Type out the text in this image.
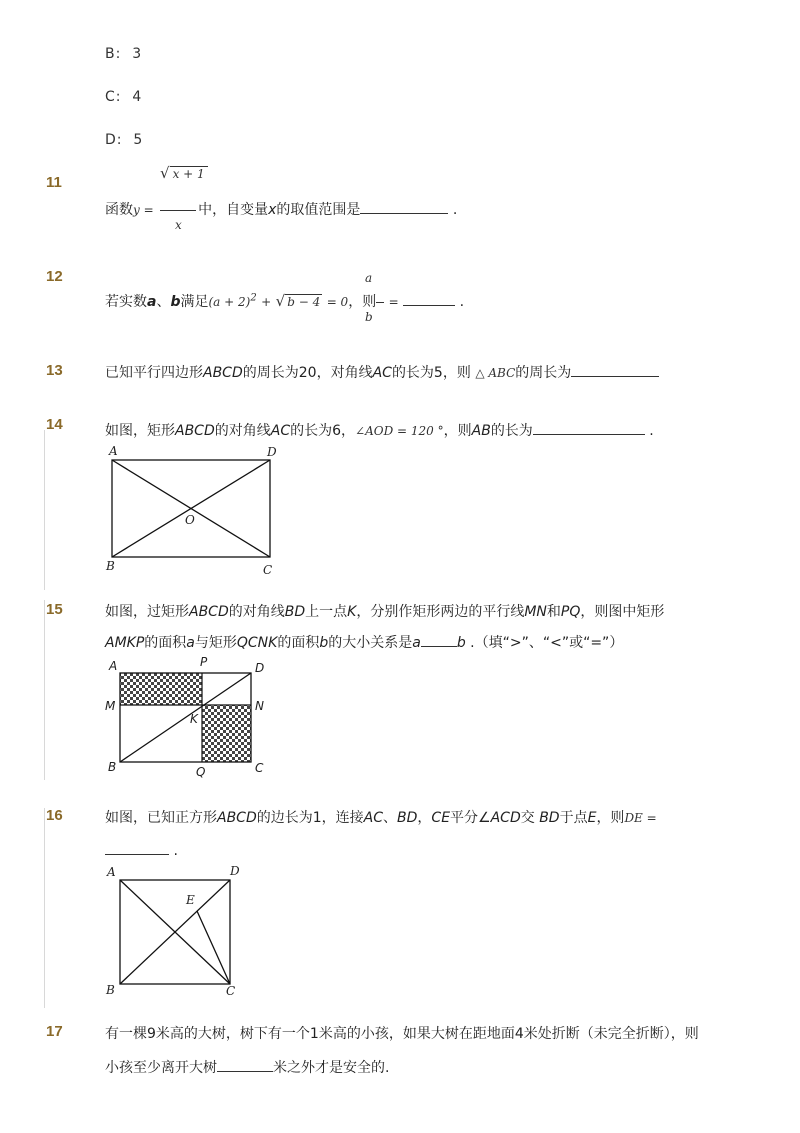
B: 3
C: 4
D: 5
11
√ x + 1
函数y =	中，自变量x的取值范围是	.
x
12	a
若实数a、b满足$(a + 2)^2$ + √ b − 4 = 0，则 =	.
b
13	已知平行四边形ABCD的周长为20，对角线AC的长为5，则 △ ABC的周长为
14	如图，矩形ABCD的对角线AC的长为6，∠AOD = 120 °，则AB的长为	.
A	D
O
B	C
15	如图，过矩形ABCD的对角线BD上一点K，分别作矩形两边的平行线MN和PQ，则图中矩形
AMKP的面积a与矩形QCNK的面积b的大小关系是a	b .（填“>”、“<”或“=”）
A	P	D
M
K
N
B	Q	C
16	如图，已知正方形ABCD的边长为1，连接AC、BD，CE平分∠ACD交 BD于点E，则DE =
.
A	D
E
B	C
17	有一棵9米高的大树，树下有一个1米高的小孩，如果大树在距地面4米处折断（未完全折断），则
小孩至少离开大树	米之外才是安全的.
